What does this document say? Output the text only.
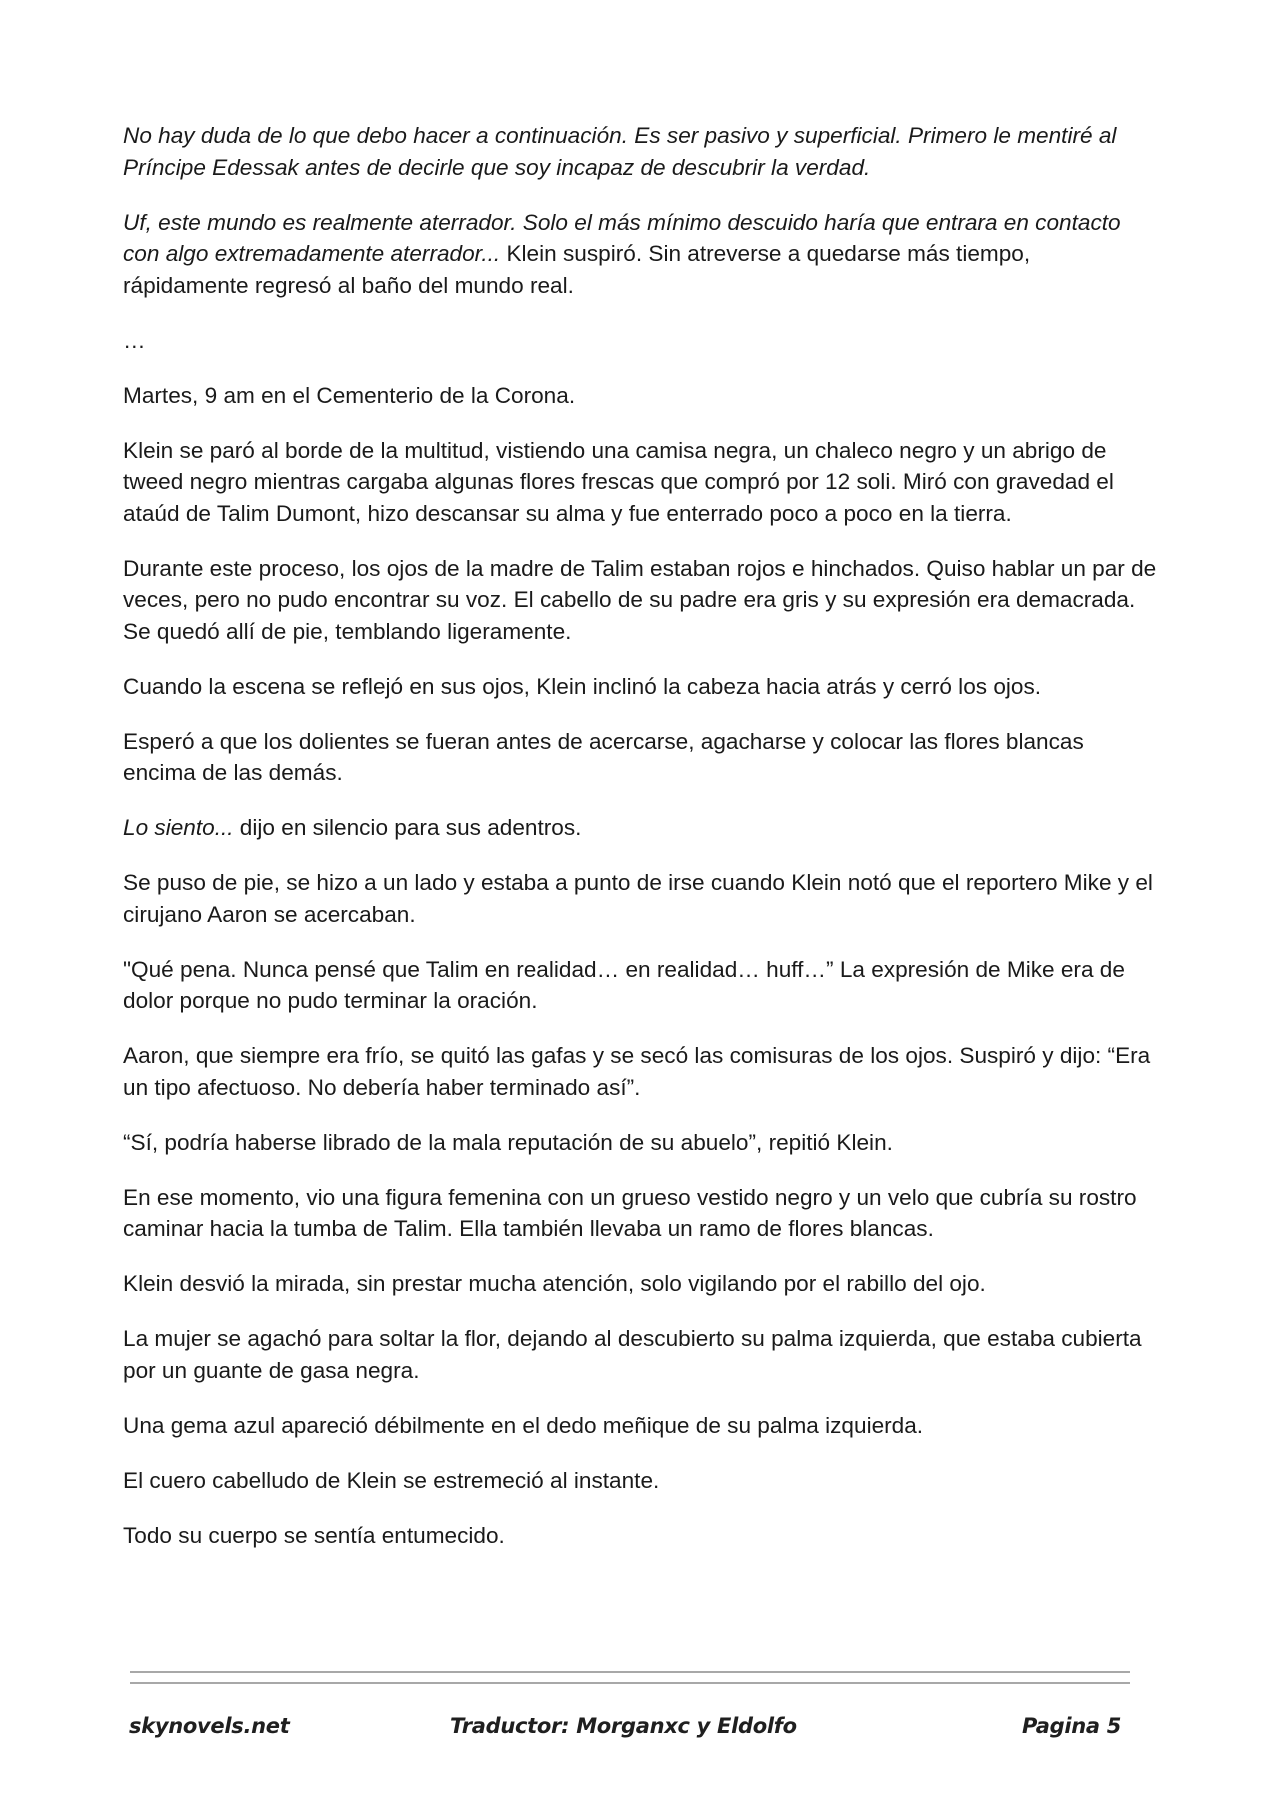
No hay duda de lo que debo hacer a continuación. Es ser pasivo y superficial. Primero le mentiré al Príncipe Edessak antes de decirle que soy incapaz de descubrir la verdad.

Uf, este mundo es realmente aterrador. Solo el más mínimo descuido haría que entrara en contacto con algo extremadamente aterrador... Klein suspiró. Sin atreverse a quedarse más tiempo, rápidamente regresó al baño del mundo real.

…

Martes, 9 am en el Cementerio de la Corona.

Klein se paró al borde de la multitud, vistiendo una camisa negra, un chaleco negro y un abrigo de tweed negro mientras cargaba algunas flores frescas que compró por 12 soli. Miró con gravedad el ataúd de Talim Dumont, hizo descansar su alma y fue enterrado poco a poco en la tierra.

Durante este proceso, los ojos de la madre de Talim estaban rojos e hinchados. Quiso hablar un par de veces, pero no pudo encontrar su voz. El cabello de su padre era gris y su expresión era demacrada. Se quedó allí de pie, temblando ligeramente.

Cuando la escena se reflejó en sus ojos, Klein inclinó la cabeza hacia atrás y cerró los ojos.

Esperó a que los dolientes se fueran antes de acercarse, agacharse y colocar las flores blancas encima de las demás.

Lo siento... dijo en silencio para sus adentros.

Se puso de pie, se hizo a un lado y estaba a punto de irse cuando Klein notó que el reportero Mike y el cirujano Aaron se acercaban.

"Qué pena. Nunca pensé que Talim en realidad… en realidad… huff…” La expresión de Mike era de dolor porque no pudo terminar la oración.

Aaron, que siempre era frío, se quitó las gafas y se secó las comisuras de los ojos. Suspiró y dijo: “Era un tipo afectuoso. No debería haber terminado así”.

“Sí, podría haberse librado de la mala reputación de su abuelo”, repitió Klein.

En ese momento, vio una figura femenina con un grueso vestido negro y un velo que cubría su rostro caminar hacia la tumba de Talim. Ella también llevaba un ramo de flores blancas.

Klein desvió la mirada, sin prestar mucha atención, solo vigilando por el rabillo del ojo.

La mujer se agachó para soltar la flor, dejando al descubierto su palma izquierda, que estaba cubierta por un guante de gasa negra.

Una gema azul apareció débilmente en el dedo meñique de su palma izquierda.

El cuero cabelludo de Klein se estremeció al instante.

Todo su cuerpo se sentía entumecido.

skynovels.net	Traductor: Morganxc y Eldolfo	Pagina 5
